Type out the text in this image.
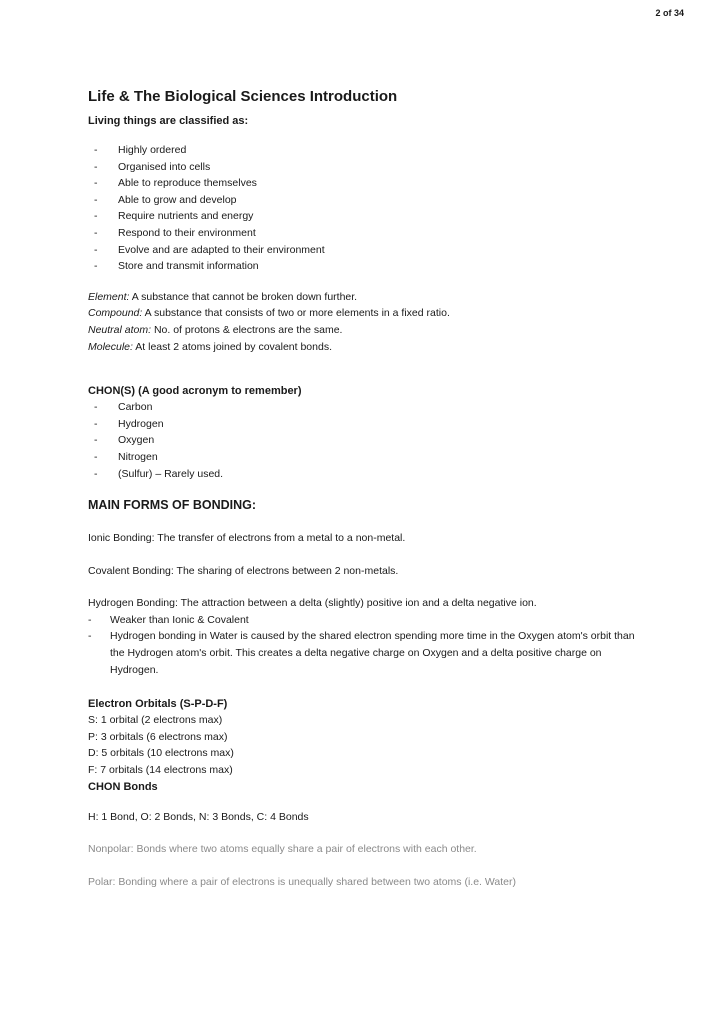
2 of 34
Life & The Biological Sciences Introduction
Living things are classified as:
- Highly ordered
- Organised into cells
- Able to reproduce themselves
- Able to grow and develop
- Require nutrients and energy
- Respond to their environment
- Evolve and are adapted to their environment
- Store and transmit information
Element: A substance that cannot be broken down further.
Compound: A substance that consists of two or more elements in a fixed ratio.
Neutral atom: No. of protons & electrons are the same.
Molecule: At least 2 atoms joined by covalent bonds.
CHON(S) (A good acronym to remember)
- Carbon
- Hydrogen
- Oxygen
- Nitrogen
- (Sulfur) – Rarely used.
MAIN FORMS OF BONDING:
Ionic Bonding: The transfer of electrons from a metal to a non-metal.
Covalent Bonding: The sharing of electrons between 2 non-metals.
Hydrogen Bonding: The attraction between a delta (slightly) positive ion and a delta negative ion.
- Weaker than Ionic & Covalent
- Hydrogen bonding in Water is caused by the shared electron spending more time in the Oxygen atom's orbit than the Hydrogen atom's orbit. This creates a delta negative charge on Oxygen and a delta positive charge on Hydrogen.
Electron Orbitals (S-P-D-F)
S: 1 orbital (2 electrons max)
P: 3 orbitals (6 electrons max)
D: 5 orbitals (10 electrons max)
F: 7 orbitals (14 electrons max)
CHON Bonds
H: 1 Bond, O: 2 Bonds, N: 3 Bonds, C: 4 Bonds
Nonpolar: Bonds where two atoms equally share a pair of electrons with each other.
Polar: Bonding where a pair of electrons is unequally shared between two atoms (i.e. Water)
